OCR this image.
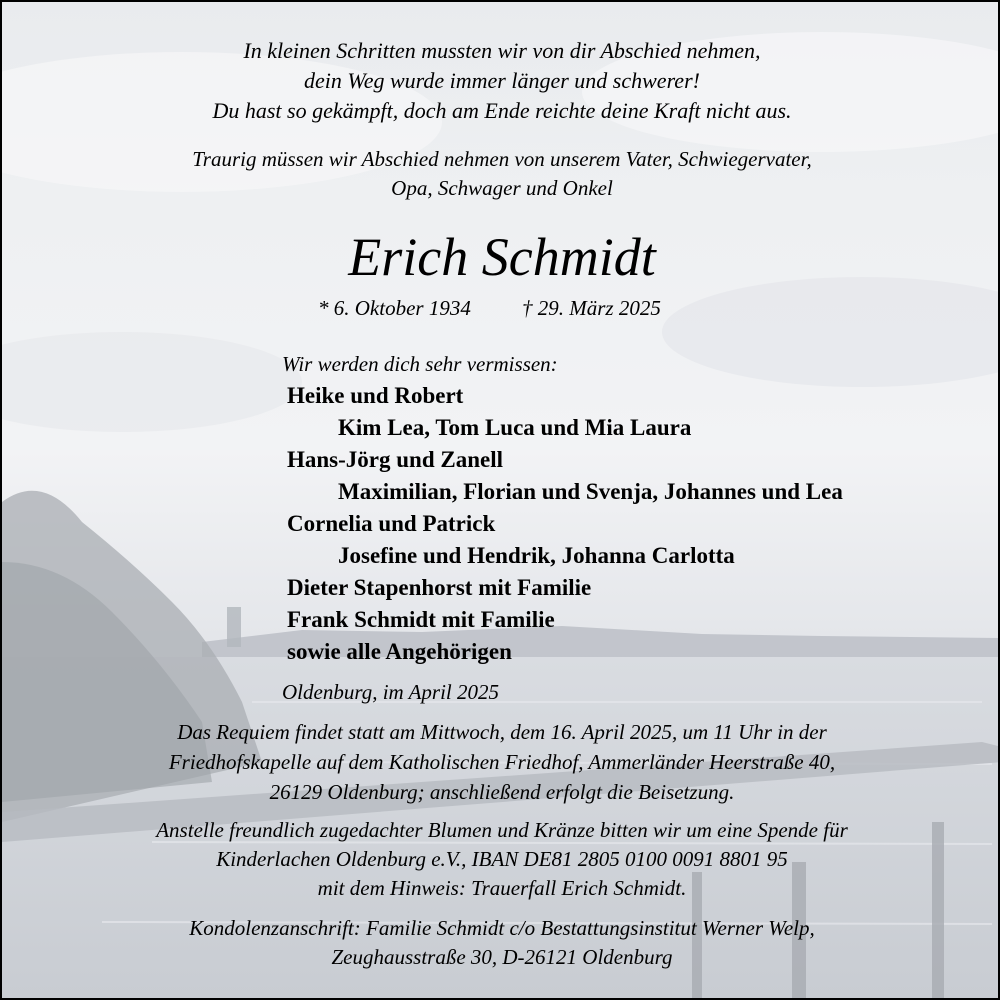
In kleinen Schritten mussten wir von dir Abschied nehmen,
dein Weg wurde immer länger und schwerer!
Du hast so gekämpft, doch am Ende reichte deine Kraft nicht aus.
Traurig müssen wir Abschied nehmen von unserem Vater, Schwiegervater,
Opa, Schwager und Onkel
Erich Schmidt
* 6. Oktober 1934 † 29. März 2025
Wir werden dich sehr vermissen:
Heike und Robert
Kim Lea, Tom Luca und Mia Laura
Hans-Jörg und Zanell
Maximilian, Florian und Svenja, Johannes und Lea
Cornelia und Patrick
Josefine und Hendrik, Johanna Carlotta
Dieter Stapenhorst mit Familie
Frank Schmidt mit Familie
sowie alle Angehörigen
Oldenburg, im April 2025
Das Requiem findet statt am Mittwoch, dem 16. April 2025, um 11 Uhr in der
Friedhofskapelle auf dem Katholischen Friedhof, Ammerländer Heerstraße 40,
26129 Oldenburg; anschließend erfolgt die Beisetzung.
Anstelle freundlich zugedachter Blumen und Kränze bitten wir um eine Spende für
Kinderlachen Oldenburg e.V., IBAN DE81 2805 0100 0091 8801 95
mit dem Hinweis: Trauerfall Erich Schmidt.
Kondolenzanschrift: Familie Schmidt c/o Bestattungsinstitut Werner Welp,
Zeughausstraße 30, D-26121 Oldenburg
